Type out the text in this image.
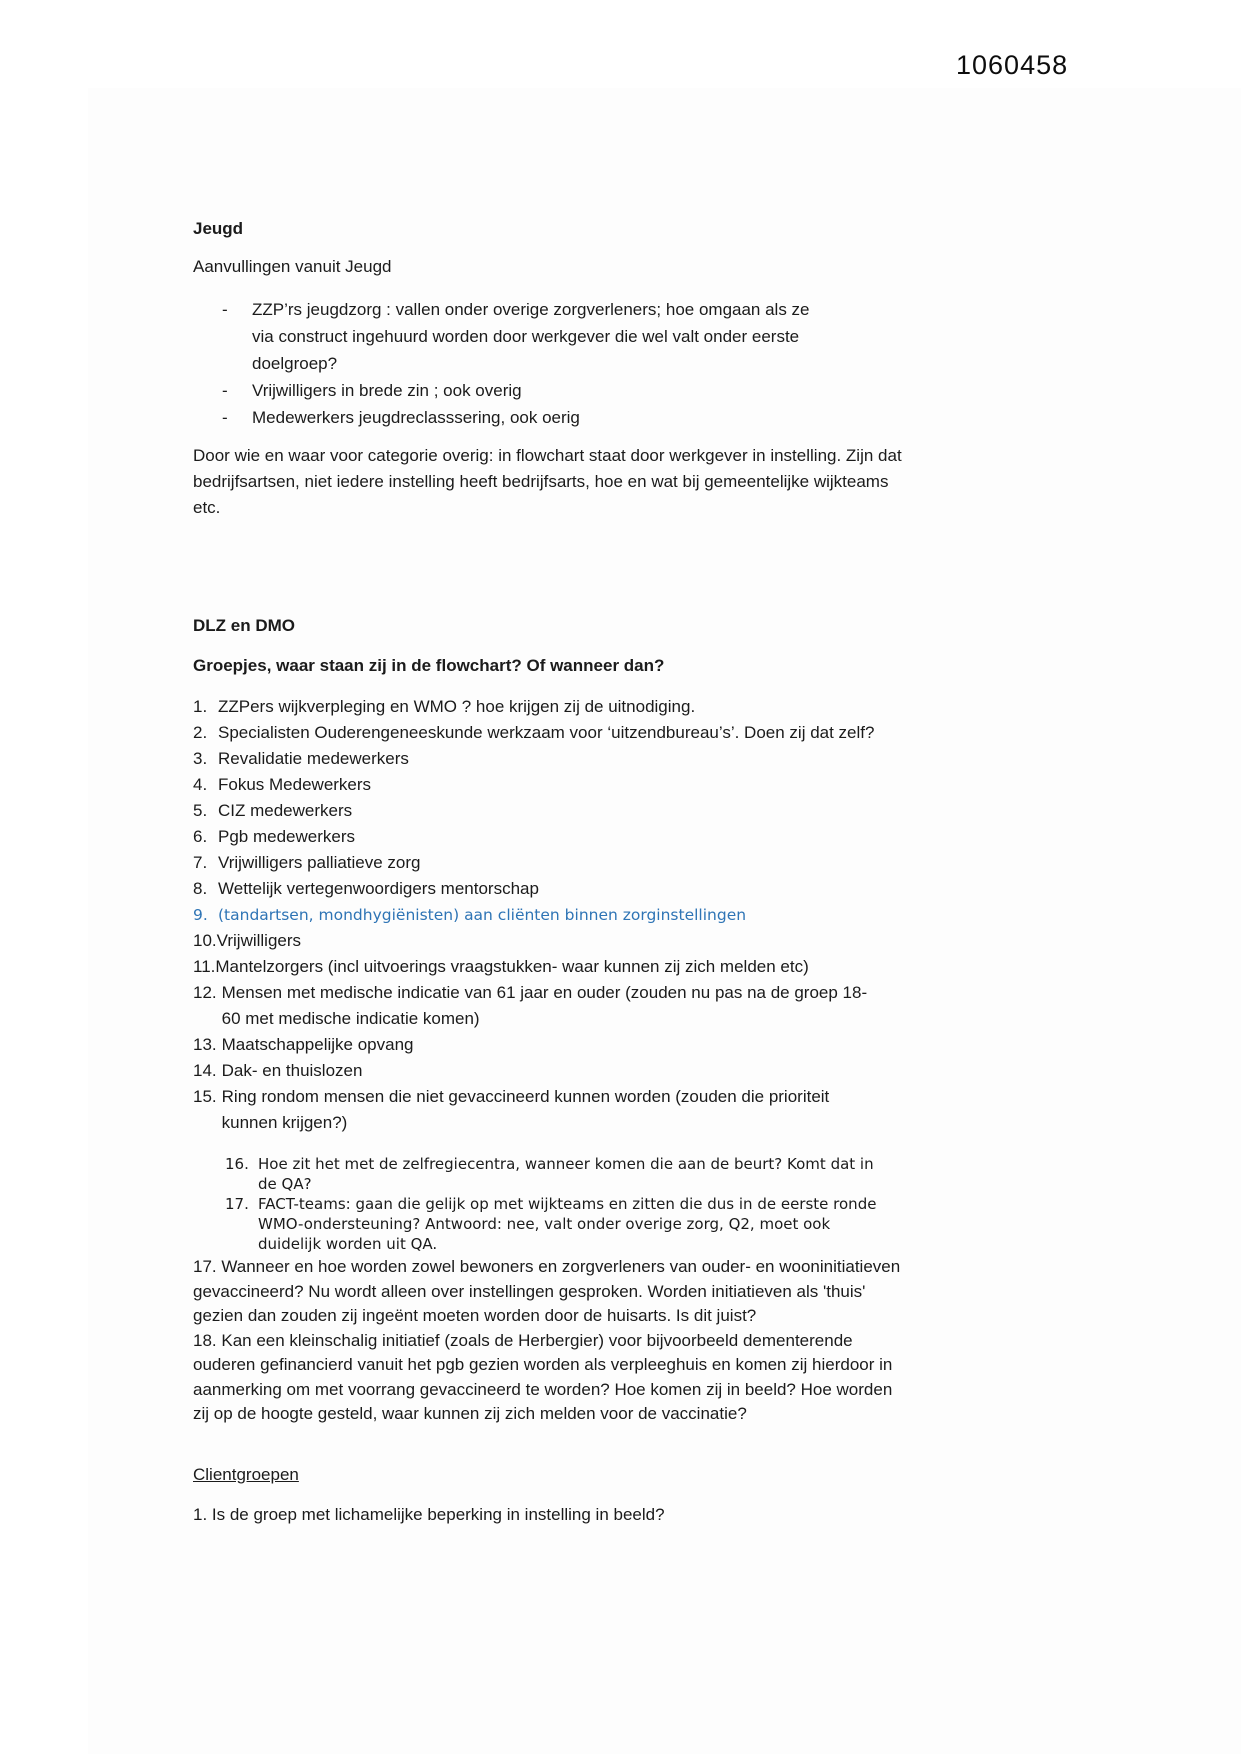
1060458

Jeugd

Aanvullingen vanuit Jeugd

-	ZZP’rs jeugdzorg : vallen onder overige zorgverleners; hoe omgaan als ze via construct ingehuurd worden door werkgever die wel valt onder eerste doelgroep?
-	Vrijwilligers in brede zin ; ook overig
-	Medewerkers jeugdreclasssering, ook oerig

Door wie en waar voor categorie overig: in flowchart staat door werkgever in instelling. Zijn dat bedrijfsartsen, niet iedere instelling heeft bedrijfsarts, hoe en wat bij gemeentelijke wijkteams etc.

DLZ en DMO

Groepjes, waar staan zij in de flowchart? Of wanneer dan?

1. ZZPers wijkverpleging en WMO ? hoe krijgen zij de uitnodiging.
2. Specialisten Ouderengeneeskunde werkzaam voor ‘uitzendbureau’s’. Doen zij dat zelf?
3. Revalidatie medewerkers
4. Fokus Medewerkers
5. CIZ medewerkers
6. Pgb medewerkers
7. Vrijwilligers palliatieve zorg
8. Wettelijk vertegenwoordigers mentorschap
9. (tandartsen, mondhygiënisten) aan cliënten binnen zorginstellingen
10. Vrijwilligers
11. Mantelzorgers (incl uitvoerings vraagstukken- waar kunnen zij zich melden etc)
12. Mensen met medische indicatie van 61 jaar en ouder (zouden nu pas na de groep 18-60 met medische indicatie komen)
13. Maatschappelijke opvang
14. Dak- en thuislozen
15. Ring rondom mensen die niet gevaccineerd kunnen worden (zouden die prioriteit kunnen krijgen?)
16. Hoe zit het met de zelfregiecentra, wanneer komen die aan de beurt? Komt dat in de QA?
17. FACT-teams: gaan die gelijk op met wijkteams en zitten die dus in de eerste ronde WMO-ondersteuning? Antwoord: nee, valt onder overige zorg, Q2, moet ook duidelijk worden uit QA.

17. Wanneer en hoe worden zowel bewoners en zorgverleners van ouder- en wooninitiatieven gevaccineerd? Nu wordt alleen over instellingen gesproken. Worden initiatieven als 'thuis' gezien dan zouden zij ingeënt moeten worden door de huisarts. Is dit juist?

18. Kan een kleinschalig initiatief (zoals de Herbergier) voor bijvoorbeeld dementerende ouderen gefinancierd vanuit het pgb gezien worden als verpleeghuis en komen zij hierdoor in aanmerking om met voorrang gevaccineerd te worden? Hoe komen zij in beeld? Hoe worden zij op de hoogte gesteld, waar kunnen zij zich melden voor de vaccinatie?

Clientgroepen

1. Is de groep met lichamelijke beperking in instelling in beeld?
